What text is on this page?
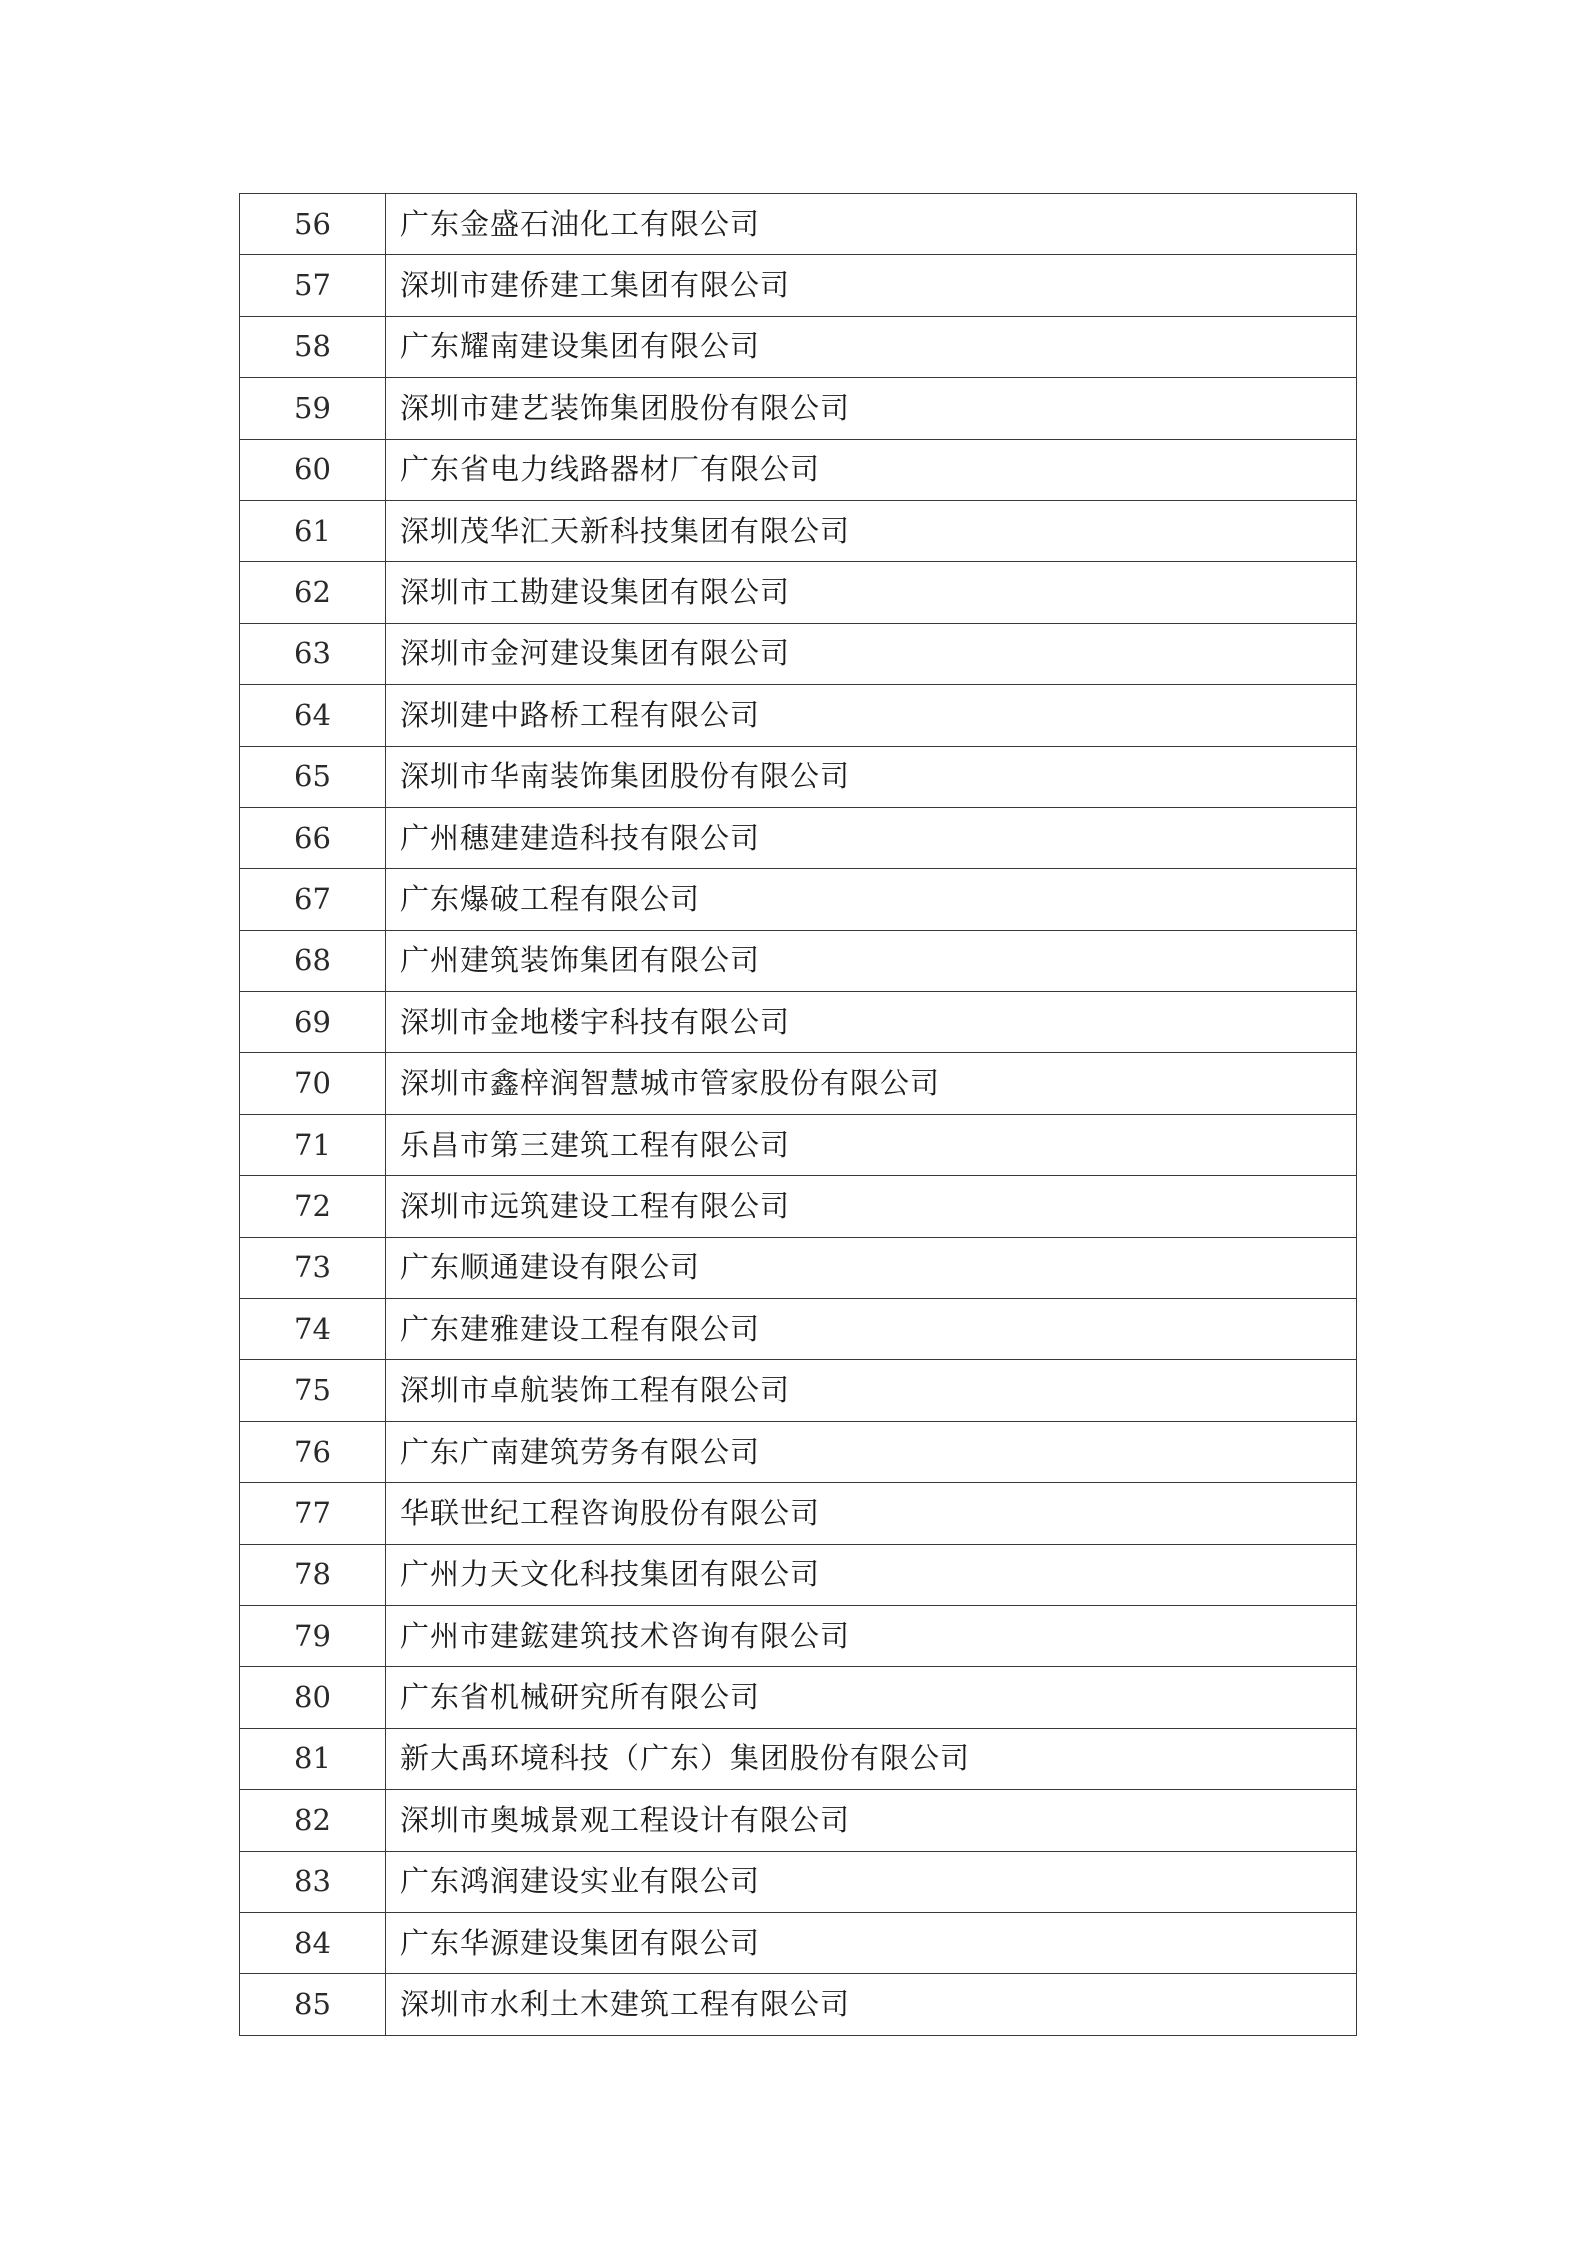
56	广东金盛石油化工有限公司
57	深圳市建侨建工集团有限公司
58	广东耀南建设集团有限公司
59	深圳市建艺装饰集团股份有限公司
60	广东省电力线路器材厂有限公司
61	深圳茂华汇天新科技集团有限公司
62	深圳市工勘建设集团有限公司
63	深圳市金河建设集团有限公司
64	深圳建中路桥工程有限公司
65	深圳市华南装饰集团股份有限公司
66	广州穗建建造科技有限公司
67	广东爆破工程有限公司
68	广州建筑装饰集团有限公司
69	深圳市金地楼宇科技有限公司
70	深圳市鑫梓润智慧城市管家股份有限公司
71	乐昌市第三建筑工程有限公司
72	深圳市远筑建设工程有限公司
73	广东顺通建设有限公司
74	广东建雅建设工程有限公司
75	深圳市卓航装饰工程有限公司
76	广东广南建筑劳务有限公司
77	华联世纪工程咨询股份有限公司
78	广州力天文化科技集团有限公司
79	广州市建鋐建筑技术咨询有限公司
80	广东省机械研究所有限公司
81	新大禹环境科技（广东）集团股份有限公司
82	深圳市奥城景观工程设计有限公司
83	广东鸿润建设实业有限公司
84	广东华源建设集团有限公司
85	深圳市水利土木建筑工程有限公司
